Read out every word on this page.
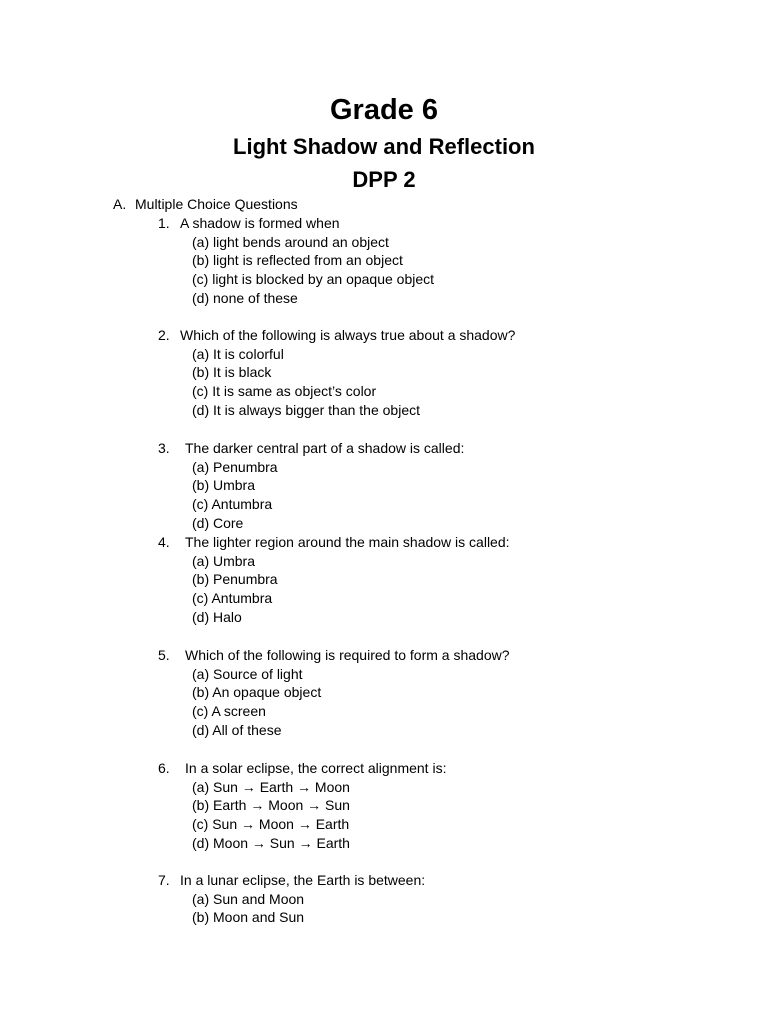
Grade 6
Light Shadow and Reflection
DPP 2
A. Multiple Choice Questions
1. A shadow is formed when
(a) light bends around an object
(b) light is reflected from an object
(c) light is blocked by an opaque object
(d) none of these
2. Which of the following is always true about a shadow?
(a) It is colorful
(b) It is black
(c) It is same as object’s color
(d) It is always bigger than the object
3. The darker central part of a shadow is called:
(a) Penumbra
(b) Umbra
(c) Antumbra
(d) Core
4. The lighter region around the main shadow is called:
(a) Umbra
(b) Penumbra
(c) Antumbra
(d) Halo
5. Which of the following is required to form a shadow?
(a) Source of light
(b) An opaque object
(c) A screen
(d) All of these
6. In a solar eclipse, the correct alignment is:
(a) Sun → Earth → Moon
(b) Earth → Moon → Sun
(c) Sun → Moon → Earth
(d) Moon → Sun → Earth
7. In a lunar eclipse, the Earth is between:
(a) Sun and Moon
(b) Moon and Sun
